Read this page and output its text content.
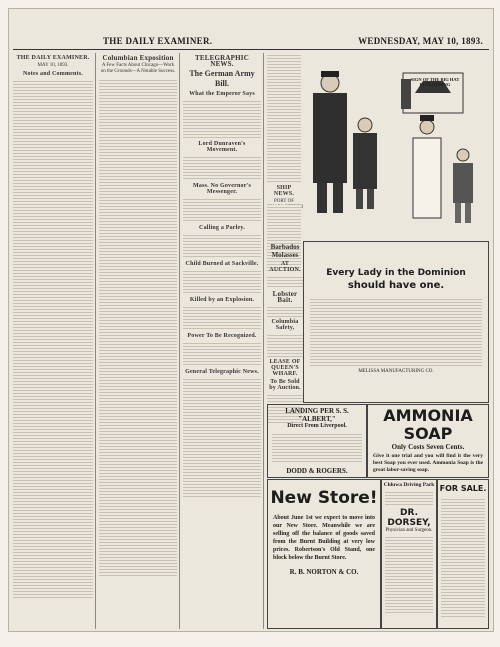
THE DAILY EXAMINER.	WEDNESDAY, MAY 10, 1893.
THE DAILY EXAMINER.
MAY 10, 1893.
Notes and Comments.
Columbian Exposition
A Few Facts About Chicago—Work on the Grounds—A Notable Success.
TELEGRAPHIC NEWS.
The German Army Bill.
What the Emperor Says
Lord Dunraven's Movement.
Mass. No Governor's Messenger.
Calling a Parley.
Child Burned at Sackville.
Killed by an Explosion.
Power To Be Recognized.
General Telegraphic News.
SHIP NEWS.
PORT OF
SIGN OF THE BIG HAT IN CLOTHING
Barbados Molasses
AT AUCTION.
Lobster Bait.
Columbia Safety,
LEASE OF QUEEN'S WHARF.
To Be Sold by Auction.
Every Lady in the Dominion
should have one.
MELISSA MANUFACTURING CO.
LANDING PER S. S. "ALBERT,"
Direct From Liverpool.
DODD & ROGERS.
AMMONIA SOAP
Only Costs Seven Cents.
Give it one trial and you will find it the very best Soap you ever used. Ammonia Soap is the great labor-saving soap.
New Store!
About June 1st we expect to move into our New Store. Meanwhile we are selling off the balance of goods saved from the Burnt Building at very low prices. Robertson's Old Stand, one block below the Burnt Store.
R. B. NORTON & CO.
Chluwa Driving Park
DR. DORSEY,
Physician and Surgeon.
FOR SALE.
